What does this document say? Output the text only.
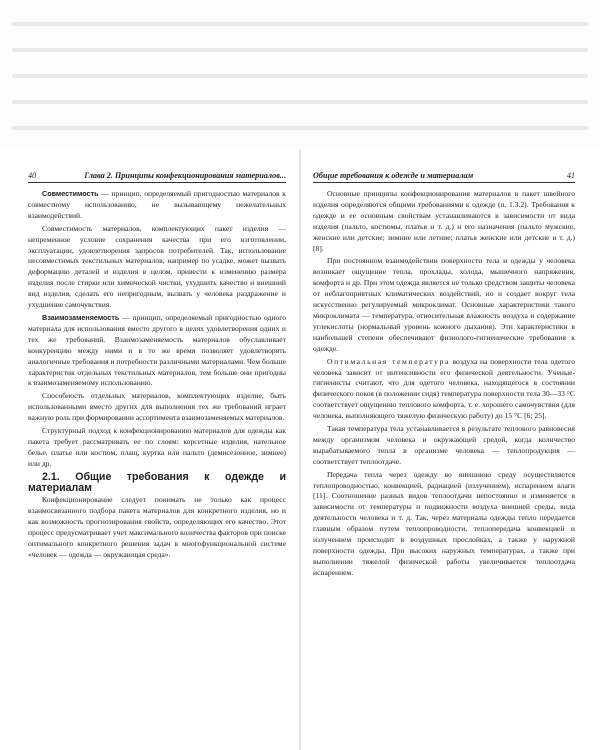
40	Глава 2. Принципы конфекционирования материалов...

Совместимость — принцип, определяемый пригодностью материалов к совместному использованию, не вызывающему нежелательных взаимодействий.

Совместимость материалов, комплектующих пакет изделия — непременное условие сохранения качества при его изготовлении, эксплуатации, удовлетворения запросов потребителей. Так, использование несовместимых текстильных материалов, например по усадке, может вызвать деформацию деталей и изделия в целом, привести к изменению размера изделия после стирки или химической чистки, ухудшить качество и внешний вид изделия, сделать его непригодным, вызвать у человека раздражение и ухудшение самочувствия.

Взаимозаменяемость — принцип, определяемый пригодностью одного материала для использования вместо другого в целях удовлетворения одних и тех же требований. Взаимозаменяемость материалов обуславливает конкуренцию между ними и в то же время позволяет удовлетворять аналогичные требования и потребности различными материалами. Чем больше характеристик отдельных текстильных материалов, тем больше они пригодны к взаимозаменяемому использованию.

Способность отдельных материалов, комплектующих изделие, быть использованными вместо других для выполнения тех же требований играет важную роль при формировании ассортимента взаимозаменяемых материалов.

Структурный подход к конфекционированию материалов для одежды как пакета требует рассматривать ее по слоям: корсетные изделия, нательное белье, платье или костюм, плащ, куртка или пальто (демисезонное, зимнее) или др.

2.1. Общие требования к одежде и материалам

Конфекционирование следует понимать не только как процесс взаимосвязанного подбора пакета материалов для конкретного изделия, но и как возможность прогнозирования свойств, определяющих его качество. Этот процесс предусматривает учет максимального количества факторов при поиске оптимального конкретного решения задач в многофункциональной системе «человек — одежда — окружающая среда».

Общие требования к одежде и материалам	41

Основные принципы конфекционирования материалов в пакет швейного изделия определяются общими требованиями к одежде (п. 1.3.2). Требования к одежде и ее основным свойствам устанавливаются в зависимости от вида изделия (пальто, костюмы, платья и т. д.) и его назначения (пальто мужские, женские или детские; зимние или летние; платья женские или детские и т. д.) [8].

При постоянном взаимодействии поверхности тела и одежды у человека возникает ощущение тепла, прохлады, холода, мышечного напряжения, комфорта и др. При этом одежда является не только средством защиты человека от неблагоприятных климатических воздействий, но и создает вокруг тела искусственно регулируемый микроклимат. Основные характеристики такого микроклимата — температура, относительная влажность воздуха и содержание углекислоты (нормальный уровень кожного дыхания). Эти характеристики в наибольшей степени обеспечивают физиолого-гигиенические требования к одежде.

Оптимальная температура воздуха на поверхности тела одетого человека зависит от интенсивности его физической деятельности. Ученые-гигиенисты считают, что для одетого человека, находящегося в состоянии физического покоя (в положении сидя) температура поверхности тела 30—33 °С соответствует ощущению теплового комфорта, т. е. хорошего самочувствия (для человека, выполняющего тяжелую физическую работу) до 15 °С [6; 25].

Такая температура тела устанавливается в результате теплового равновесия между организмом человека и окружающей средой, когда количество вырабатываемого тепла в организме человека — теплопродукция — соответствует теплоотдаче.

Передача тепла через одежду во внешнюю среду осуществляется теплопроводностью, конвекцией, радиацией (излучением), испарением влаги [11]. Соотношение разных видов теплоотдачи непостоянно и изменяется в зависимости от температуры и подвижности воздуха внешней среды, вида деятельности человека и т. д. Так, через материалы одежды тепло передается главным образом путем теплопроводности, теплопередача конвекцией и излучением происходит в воздушных прослойках, а также у наружной поверхности одежды. При высоких наружных температурах, а также при выполнении тяжелой физической работы увеличивается теплоотдача испарением.
